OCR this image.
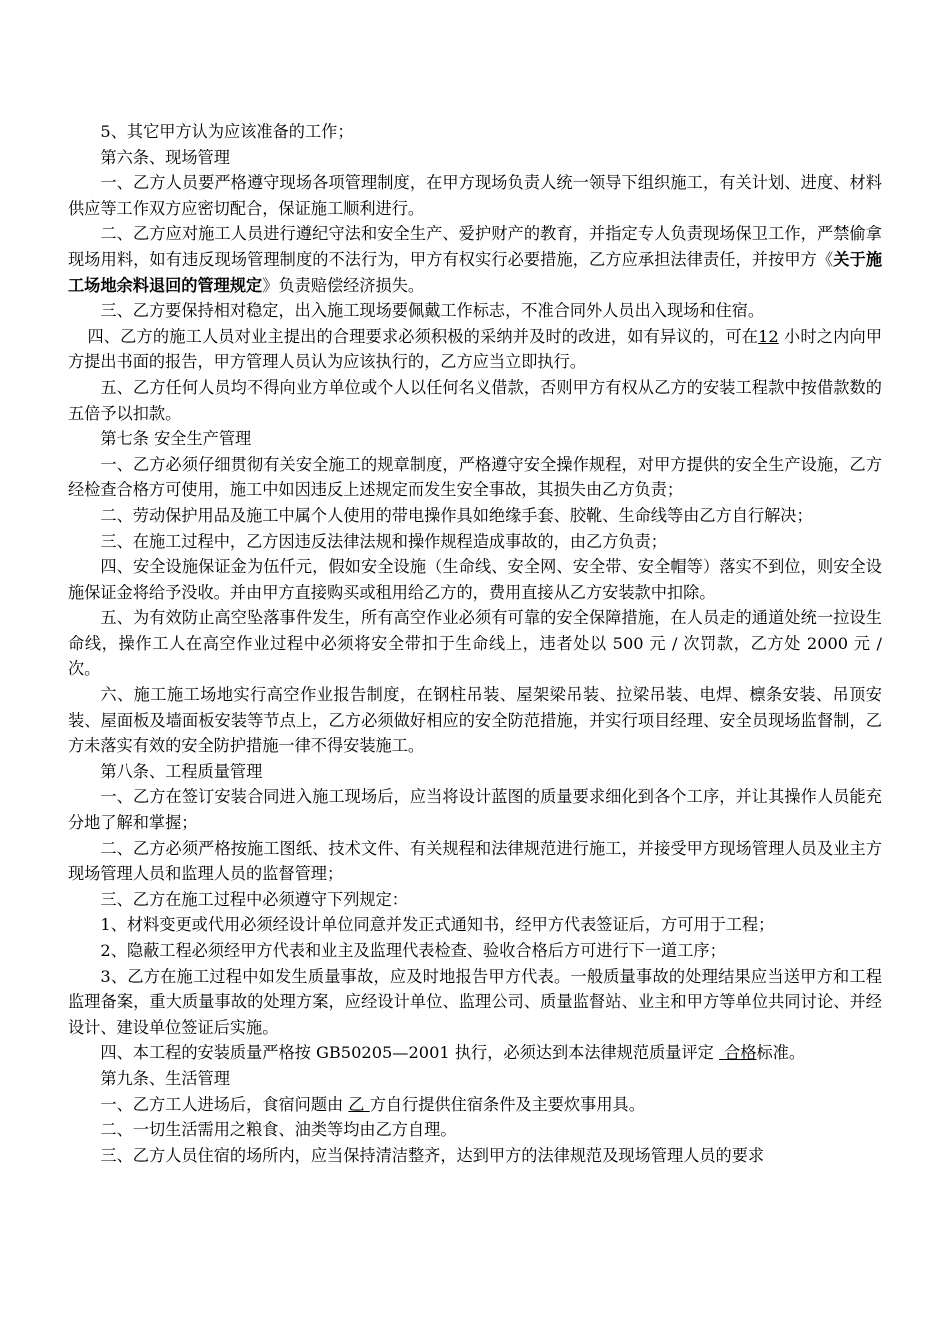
5、其它甲方认为应该准备的工作；

第六条、现场管理

一、乙方人员要严格遵守现场各项管理制度，在甲方现场负责人统一领导下组织施工，有关计划、进度、材料供应等工作双方应密切配合，保证施工顺利进行。

二、乙方应对施工人员进行遵纪守法和安全生产、爱护财产的教育，并指定专人负责现场保卫工作，严禁偷拿现场用料，如有违反现场管理制度的不法行为，甲方有权实行必要措施，乙方应承担法律责任，并按甲方《关于施工场地余料退回的管理规定》负责赔偿经济损失。

三、乙方要保持相对稳定，出入施工现场要佩戴工作标志，不准合同外人员出入现场和住宿。

四、乙方的施工人员对业主提出的合理要求必须积极的采纳并及时的改进，如有异议的，可在12 小时之内向甲方提出书面的报告，甲方管理人员认为应该执行的，乙方应当立即执行。

五、乙方任何人员均不得向业方单位或个人以任何名义借款，否则甲方有权从乙方的安装工程款中按借款数的五倍予以扣款。

第七条 安全生产管理

一、乙方必须仔细贯彻有关安全施工的规章制度，严格遵守安全操作规程，对甲方提供的安全生产设施，乙方经检查合格方可使用，施工中如因违反上述规定而发生安全事故，其损失由乙方负责；

二、劳动保护用品及施工中属个人使用的带电操作具如绝缘手套、胶靴、生命线等由乙方自行解决；

三、在施工过程中，乙方因违反法律法规和操作规程造成事故的，由乙方负责；

四、安全设施保证金为伍仟元，假如安全设施（生命线、安全网、安全带、安全帽等）落实不到位，则安全设施保证金将给予没收。并由甲方直接购买或租用给乙方的，费用直接从乙方安装款中扣除。

五、为有效防止高空坠落事件发生，所有高空作业必须有可靠的安全保障措施，在人员走的通道处统一拉设生命线，操作工人在高空作业过程中必须将安全带扣于生命线上，违者处以 500 元 / 次罚款，乙方处 2000 元 / 次。

六、施工施工场地实行高空作业报告制度，在钢柱吊装、屋架梁吊装、拉梁吊装、电焊、檩条安装、吊顶安装、屋面板及墙面板安装等节点上，乙方必须做好相应的安全防范措施，并实行项目经理、安全员现场监督制，乙方未落实有效的安全防护措施一律不得安装施工。

第八条、工程质量管理

一、乙方在签订安装合同进入施工现场后，应当将设计蓝图的质量要求细化到各个工序，并让其操作人员能充分地了解和掌握；

二、乙方必须严格按施工图纸、技术文件、有关规程和法律规范进行施工，并接受甲方现场管理人员及业主方现场管理人员和监理人员的监督管理；

三、乙方在施工过程中必须遵守下列规定：

1、材料变更或代用必须经设计单位同意并发正式通知书，经甲方代表签证后，方可用于工程；

2、隐蔽工程必须经甲方代表和业主及监理代表检查、验收合格后方可进行下一道工序；

3、乙方在施工过程中如发生质量事故，应及时地报告甲方代表。一般质量事故的处理结果应当送甲方和工程监理备案，重大质量事故的处理方案，应经设计单位、监理公司、质量监督站、业主和甲方等单位共同讨论、并经设计、建设单位签证后实施。

四、本工程的安装质量严格按 GB50205—2001 执行，必须达到本法律规范质量评定 合格标准。

第九条、生活管理

一、乙方工人进场后，食宿问题由 乙 方自行提供住宿条件及主要炊事用具。

二、一切生活需用之粮食、油类等均由乙方自理。

三、乙方人员住宿的场所内，应当保持清洁整齐，达到甲方的法律规范及现场管理人员的要求
